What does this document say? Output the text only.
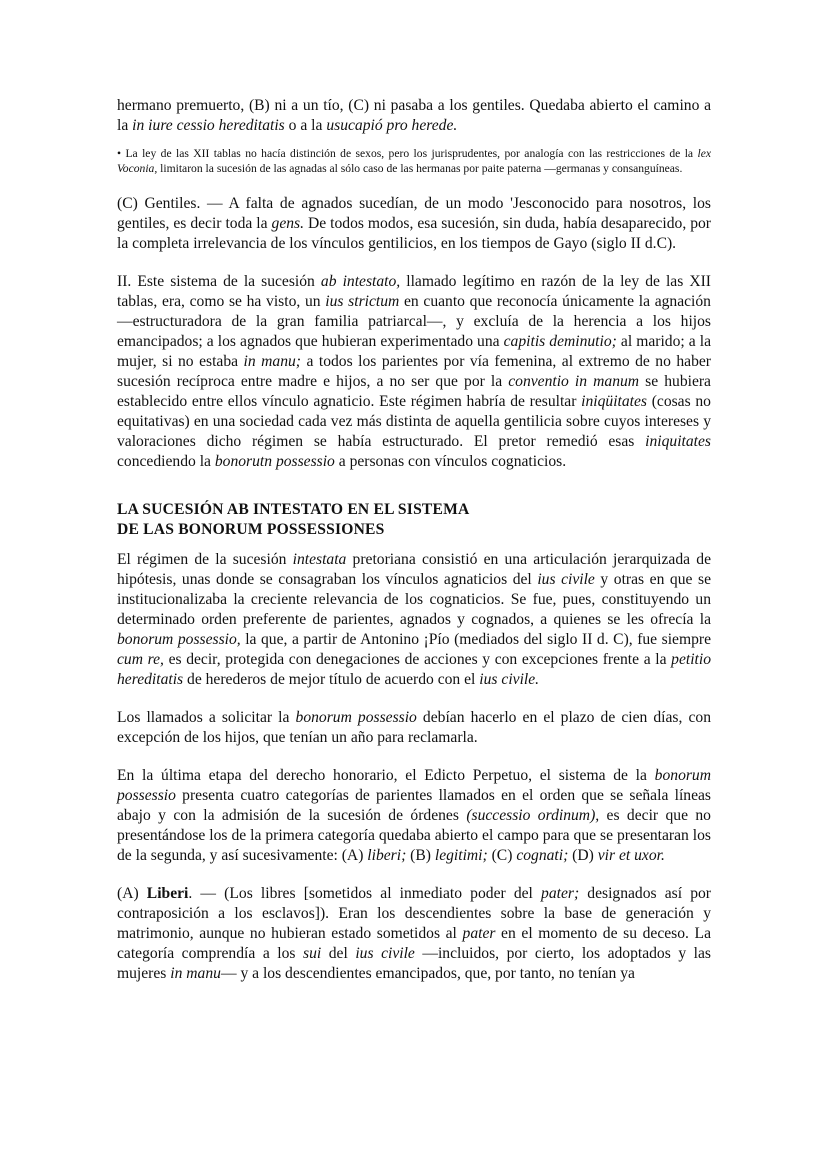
hermano premuerto, (B) ni a un tío, (C) ni pasaba a los gentiles. Quedaba abierto el camino a la in iure cessio hereditatis o a la usucapió pro herede.

• La ley de las XII tablas no hacía distinción de sexos, pero los jurisprudentes, por analogía con las restricciones de la lex Voconia, limitaron la sucesión de las agnadas al sólo caso de las hermanas por paite paterna —germanas y consanguíneas.

(C) Gentiles. — A falta de agnados sucedían, de un modo 'Jesconocido para nosotros, los gentiles, es decir toda la gens. De todos modos, esa sucesión, sin duda, había desaparecido, por la completa irrelevancia de los vínculos gentilicios, en los tiempos de Gayo (siglo II d.C).

II. Este sistema de la sucesión ab intestato, llamado legítimo en razón de la ley de las XII tablas, era, como se ha visto, un ius strictum en cuanto que reconocía únicamente la agnación —estructuradora de la gran familia patriarcal—, y excluía de la herencia a los hijos emancipados; a los agnados que hubieran experimentado una capitis deminutio; al marido; a la mujer, si no estaba in manu; a todos los parientes por vía femenina, al extremo de no haber sucesión recíproca entre madre e hijos, a no ser que por la conventio in manum se hubiera establecido entre ellos vínculo agnaticio. Este régimen habría de resultar iniqüitates (cosas no equitativas) en una sociedad cada vez más distinta de aquella gentilicia sobre cuyos intereses y valoraciones dicho régimen se había estructurado. El pretor remedió esas iniquitates concediendo la bonorutn possessio a personas con vínculos cognaticios.

LA SUCESIÓN AB INTESTATO EN EL SISTEMA
DE LAS BONORUM POSSESSIONES

El régimen de la sucesión intestata pretoriana consistió en una articulación jerarquizada de hipótesis, unas donde se consagraban los vínculos agnaticios del ius civile y otras en que se institucionalizaba la creciente relevancia de los cognaticios. Se fue, pues, constituyendo un determinado orden preferente de parientes, agnados y cognados, a quienes se les ofrecía la bonorum possessio, la que, a partir de Antonino ¡Pío (mediados del siglo II d. C), fue siempre cum re, es decir, protegida con denegaciones de acciones y con excepciones frente a la petitio hereditatis de herederos de mejor título de acuerdo con el ius civile.

Los llamados a solicitar la bonorum possessio debían hacerlo en el plazo de cien días, con excepción de los hijos, que tenían un año para reclamarla.

En la última etapa del derecho honorario, el Edicto Perpetuo, el sistema de la bonorum possessio presenta cuatro categorías de parientes llamados en el orden que se señala líneas abajo y con la admisión de la sucesión de órdenes (successio ordinum), es decir que no presentándose los de la primera categoría quedaba abierto el campo para que se presentaran los de la segunda, y así sucesivamente: (A) liberi; (B) legitimi; (C) cognati; (D) vir et uxor.

(A) Liberi. — (Los libres [sometidos al inmediato poder del pater; designados así por contraposición a los esclavos]). Eran los descendientes sobre la base de generación y matrimonio, aunque no hubieran estado sometidos al pater en el momento de su deceso. La categoría comprendía a los sui del ius civile —incluidos, por cierto, los adoptados y las mujeres in manu— y a los descendientes emancipados, que, por tanto, no tenían ya
